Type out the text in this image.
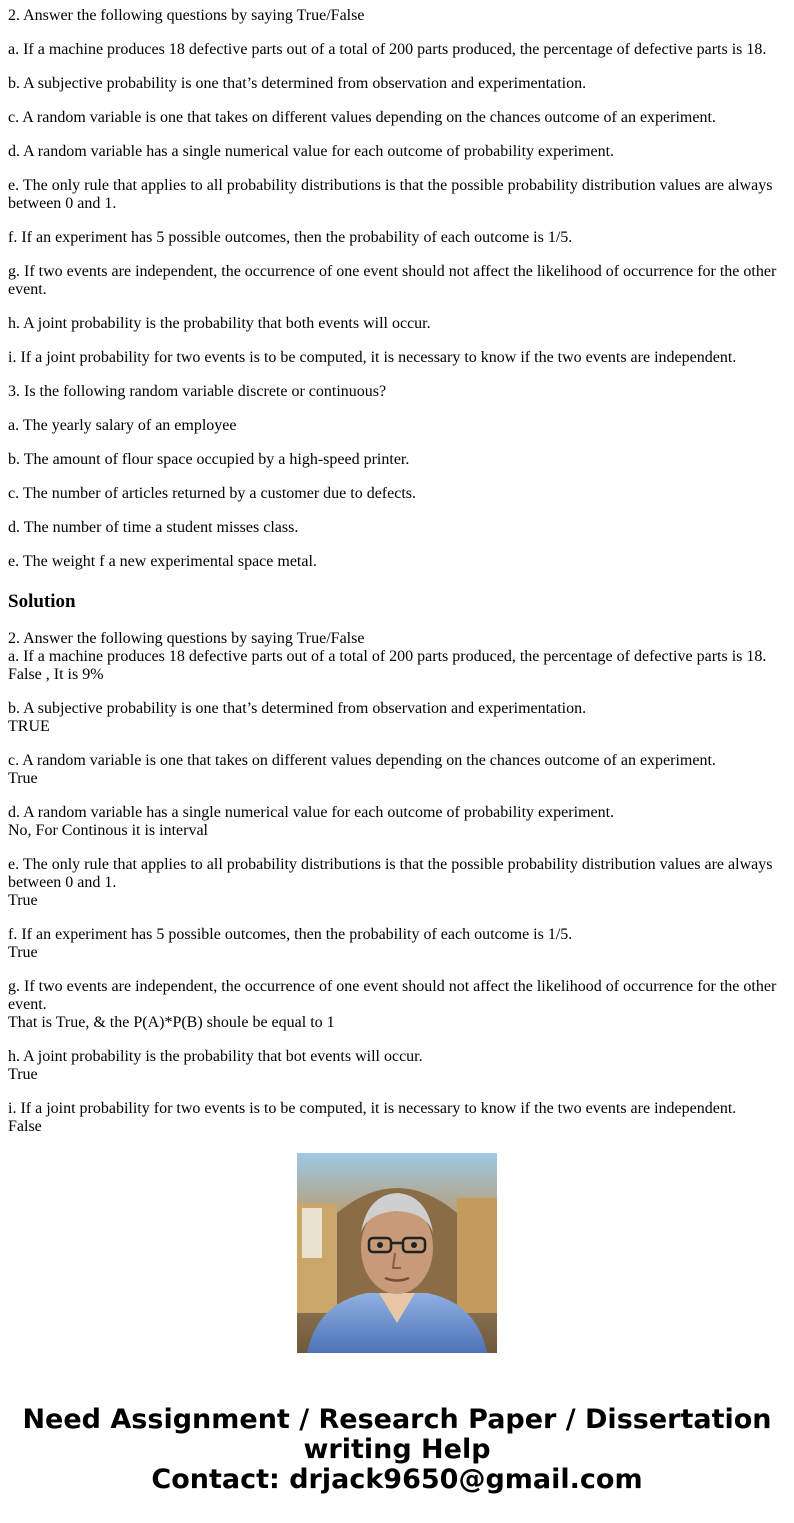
2. Answer the following questions by saying True/False

a. If a machine produces 18 defective parts out of a total of 200 parts produced, the percentage of defective parts is 18.

b. A subjective probability is one that’s determined from observation and experimentation.

c. A random variable is one that takes on different values depending on the chances outcome of an experiment.

d. A random variable has a single numerical value for each outcome of probability experiment.

e. The only rule that applies to all probability distributions is that the possible probability distribution values are always between 0 and 1.

f. If an experiment has 5 possible outcomes, then the probability of each outcome is 1/5.

g. If two events are independent, the occurrence of one event should not affect the likelihood of occurrence for the other event.

h. A joint probability is the probability that both events will occur.

i. If a joint probability for two events is to be computed, it is necessary to know if the two events are independent.

3. Is the following random variable discrete or continuous?

a. The yearly salary of an employee

b. The amount of flour space occupied by a high-speed printer.

c. The number of articles returned by a customer due to defects.

d. The number of time a student misses class.

e. The weight f a new experimental space metal.

Solution

2. Answer the following questions by saying True/False

a. If a machine produces 18 defective parts out of a total of 200 parts produced, the percentage of defective parts is 18.
False , It is 9%

b. A subjective probability is one that’s determined from observation and experimentation.
TRUE

c. A random variable is one that takes on different values depending on the chances outcome of an experiment.
True

d. A random variable has a single numerical value for each outcome of probability experiment.
No, For Continous it is interval

e. The only rule that applies to all probability distributions is that the possible probability distribution values are always between 0 and 1.
True

f. If an experiment has 5 possible outcomes, then the probability of each outcome is 1/5.
True

g. If two events are independent, the occurrence of one event should not affect the likelihood of occurrence for the other event.
That is True, & the P(A)*P(B) shoule be equal to 1

h. A joint probability is the probability that bot events will occur.
True

i. If a joint probability for two events is to be computed, it is necessary to know if the two events are independent.
False

Need Assignment / Research Paper / Dissertation
writing Help
Contact: drjack9650@gmail.com
